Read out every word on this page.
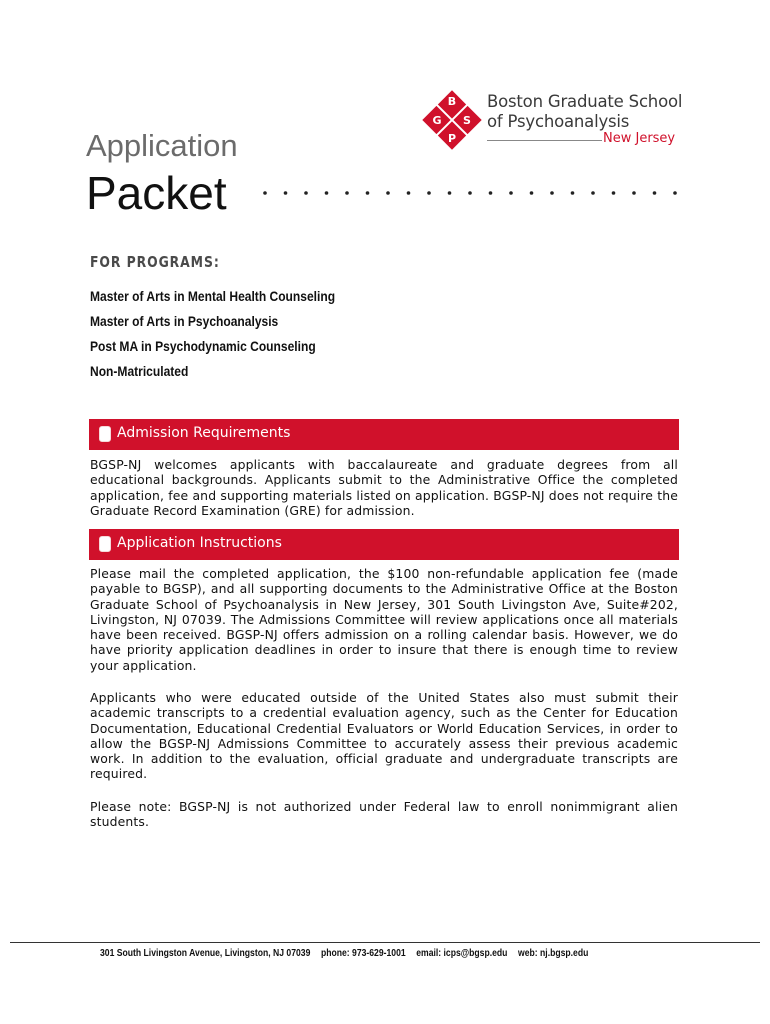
B
G S
P
Boston Graduate School
of Psychoanalysis
New Jersey
Application
Packet
FOR PROGRAMS:
Master of Arts in Mental Health Counseling
Master of Arts in Psychoanalysis
Post MA in Psychodynamic Counseling
Non-Matriculated
Admission Requirements
BGSP-NJ welcomes applicants with baccalaureate and graduate degrees from all educational backgrounds. Applicants submit to the Administrative Office the completed application, fee and supporting materials listed on application. BGSP-NJ does not require the Graduate Record Examination (GRE) for admission.
Application Instructions
Please mail the completed application, the $100 non-refundable application fee (made payable to BGSP), and all supporting documents to the Administrative Office at the Boston Graduate School of Psychoanalysis in New Jersey, 301 South Livingston Ave, Suite#202, Livingston, NJ 07039. The Admissions Committee will review applications once all materials have been received. BGSP-NJ offers admission on a rolling calendar basis. However, we do have priority application deadlines in order to insure that there is enough time to review your application.
Applicants who were educated outside of the United States also must submit their academic transcripts to a credential evaluation agency, such as the Center for Education Documentation, Educational Credential Evaluators or World Education Services, in order to allow the BGSP-NJ Admissions Committee to accurately assess their previous academic work. In addition to the evaluation, official graduate and undergraduate transcripts are required.
Please note: BGSP-NJ is not authorized under Federal law to enroll nonimmigrant alien students.
301 South Livingston Avenue, Livingston, NJ 07039 phone: 973-629-1001 email: icps@bgsp.edu web: nj.bgsp.edu
